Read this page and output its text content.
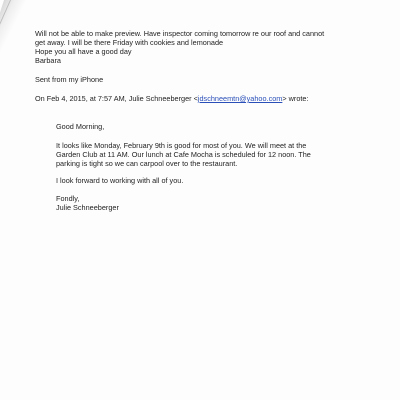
Will not be able to make preview. Have inspector coming tomorrow re our roof and cannot
get away. I will be there Friday with cookies and lemonade
Hope you all have a good day
Barbara
Sent from my iPhone
On Feb 4, 2015, at 7:57 AM, Julie Schneeberger <jdschneemtn@yahoo.com> wrote:
Good Morning,
It looks like Monday, February 9th is good for most of you. We will meet at the
Garden Club at 11 AM. Our lunch at Cafe Mocha is scheduled for 12 noon. The
parking is tight so we can carpool over to the restaurant.
I look forward to working with all of you.
Fondly,
Julie Schneeberger
